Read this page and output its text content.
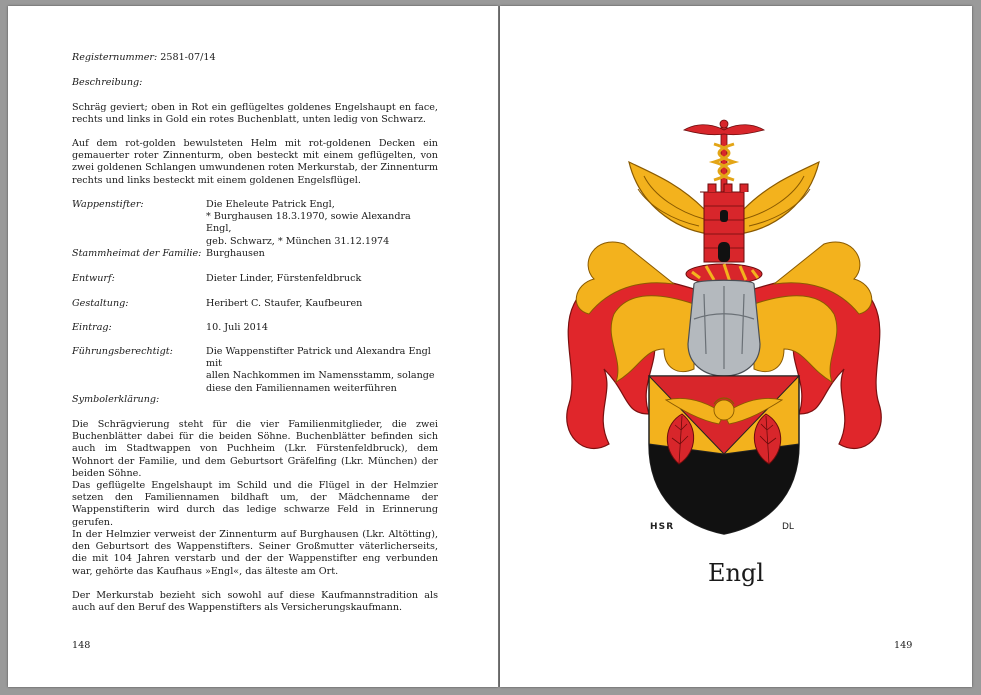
Registernummer: 2581-07/14
Beschreibung:
Schräg geviert; oben in Rot ein geflügeltes goldenes Engelshaupt en face, rechts und links in Gold ein rotes Buchenblatt, unten ledig von Schwarz.
Auf dem rot-golden bewulsteten Helm mit rot-goldenen Decken ein gemauerter roter Zinnenturm, oben besteckt mit einem geflügelten, von zwei goldenen Schlangen umwundenen roten Merkurstab, der Zinnenturm rechts und links besteckt mit einem goldenen Engelsflügel.
Wappenstifter:	Die Eheleute Patrick Engl,
* Burghausen 18.3.1970, sowie Alexandra Engl,
geb. Schwarz, * München 31.12.1974
Stammheimat der Familie: Burghausen
Entwurf:	Dieter Linder, Fürstenfeldbruck
Gestaltung:	Heribert C. Staufer, Kaufbeuren
Eintrag:	10. Juli 2014
Führungsberechtigt:	Die Wappenstifter Patrick und Alexandra Engl mit
allen Nachkommen im Namensstamm, solange
diese den Familiennamen weiterführen
Symbolerklärung:
Die Schrägvierung steht für die vier Familienmitglieder, die zwei Buchenblätter dabei für die beiden Söhne. Buchenblätter befinden sich auch im Stadtwappen von Puchheim (Lkr. Fürstenfeldbruck), dem Wohnort der Familie, und dem Geburtsort Gräfelfing (Lkr. München) der beiden Söhne.
Das geflügelte Engelshaupt im Schild und die Flügel in der Helmzier setzen den Familiennamen bildhaft um, der Mädchenname der Wappenstifterin wird durch das ledige schwarze Feld in Erinnerung gerufen.
In der Helmzier verweist der Zinnenturm auf Burghausen (Lkr. Altötting), den Geburtsort des Wappenstifters. Seiner Großmutter väterlicherseits, die mit 104 Jahren verstarb und der der Wappenstifter eng verbunden war, gehörte das Kaufhaus »Engl«, das älteste am Ort.
Der Merkurstab bezieht sich sowohl auf diese Kaufmannstradition als auch auf den Beruf des Wappenstifters als Versicherungskaufmann.
148
H S R	DL
Engl
149
